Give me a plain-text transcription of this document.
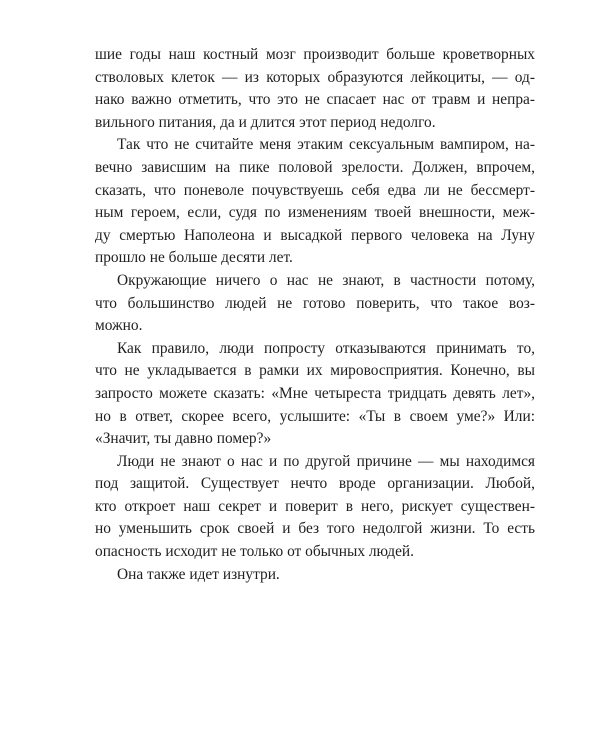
шие годы наш костный мозг производит больше кроветворных
стволовых клеток — из которых образуются лейкоциты, — од-
нако важно отметить, что это не спасает нас от травм и непра-
вильного питания, да и длится этот период недолго.
Так что не считайте меня этаким сексуальным вампиром, на-
вечно зависшим на пике половой зрелости. Должен, впрочем,
сказать, что поневоле почувствуешь себя едва ли не бессмерт-
ным героем, если, судя по изменениям твоей внешности, меж-
ду смертью Наполеона и высадкой первого человека на Луну
прошло не больше десяти лет.
Окружающие ничего о нас не знают, в частности потому,
что большинство людей не готово поверить, что такое воз-
можно.
Как правило, люди попросту отказываются принимать то,
что не укладывается в рамки их мировосприятия. Конечно, вы
запросто можете сказать: «Мне четыреста тридцать девять лет»,
но в ответ, скорее всего, услышите: «Ты в своем уме?» Или:
«Значит, ты давно помер?»
Люди не знают о нас и по другой причине — мы находимся
под защитой. Существует нечто вроде организации. Любой,
кто откроет наш секрет и поверит в него, рискует существен-
но уменьшить срок своей и без того недолгой жизни. То есть
опасность исходит не только от обычных людей.
Она также идет изнутри.
